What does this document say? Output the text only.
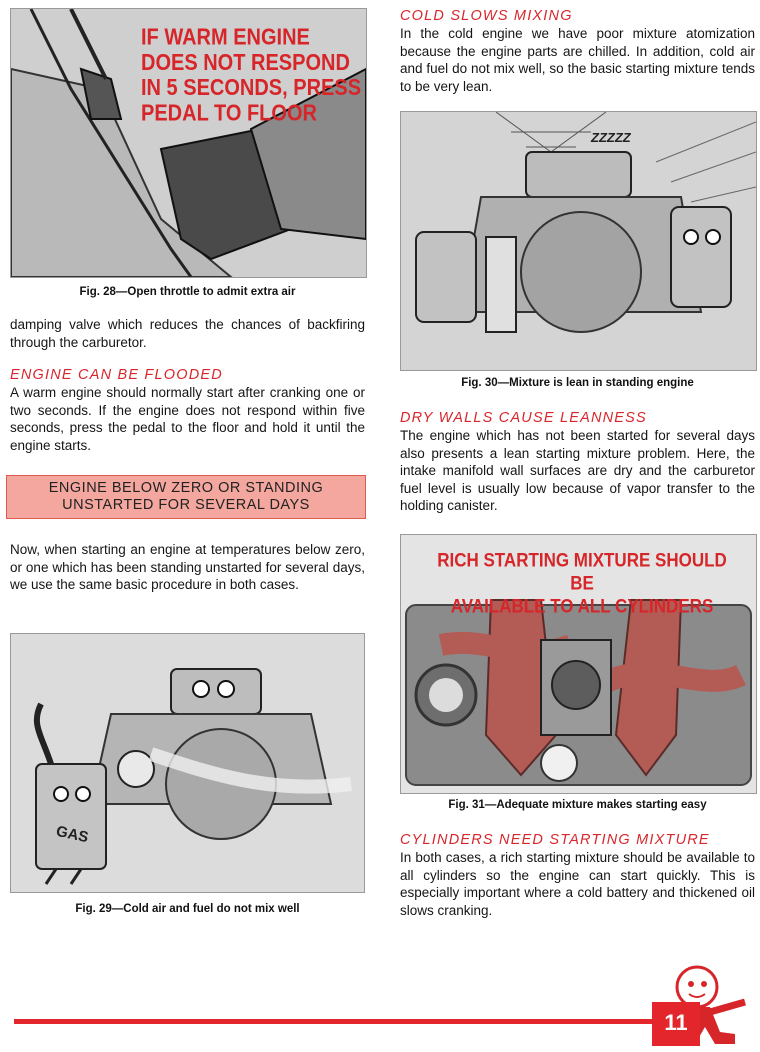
IF WARM ENGINE
DOES NOT RESPOND
IN 5 SECONDS, PRESS
PEDAL TO FLOOR
Fig. 28—Open throttle to admit extra air
damping valve which reduces the chances of backfiring through the carburetor.
ENGINE CAN BE FLOODED
A warm engine should normally start after cranking one or two seconds. If the engine does not respond within five seconds, press the pedal to the floor and hold it until the engine starts.
ENGINE BELOW ZERO OR STANDING
UNSTARTED FOR SEVERAL DAYS
Now, when starting an engine at temperatures below zero, or one which has been standing unstarted for several days, we use the same basic procedure in both cases.
GAS
Fig. 29—Cold air and fuel do not mix well
COLD SLOWS MIXING
In the cold engine we have poor mixture atomization because the engine parts are chilled. In addition, cold air and fuel do not mix well, so the basic starting mixture tends to be very lean.
ZZZZZ
Fig. 30—Mixture is lean in standing engine
DRY WALLS CAUSE LEANNESS
The engine which has not been started for several days also presents a lean starting mixture problem. Here, the intake manifold wall surfaces are dry and the carburetor fuel level is usually low because of vapor transfer to the holding canister.
RICH STARTING MIXTURE SHOULD BE
AVAILABLE TO ALL CYLINDERS
Fig. 31—Adequate mixture makes starting easy
CYLINDERS NEED STARTING MIXTURE
In both cases, a rich starting mixture should be available to all cylinders so the engine can start quickly. This is especially important where a cold battery and thickened oil slows cranking.
11
